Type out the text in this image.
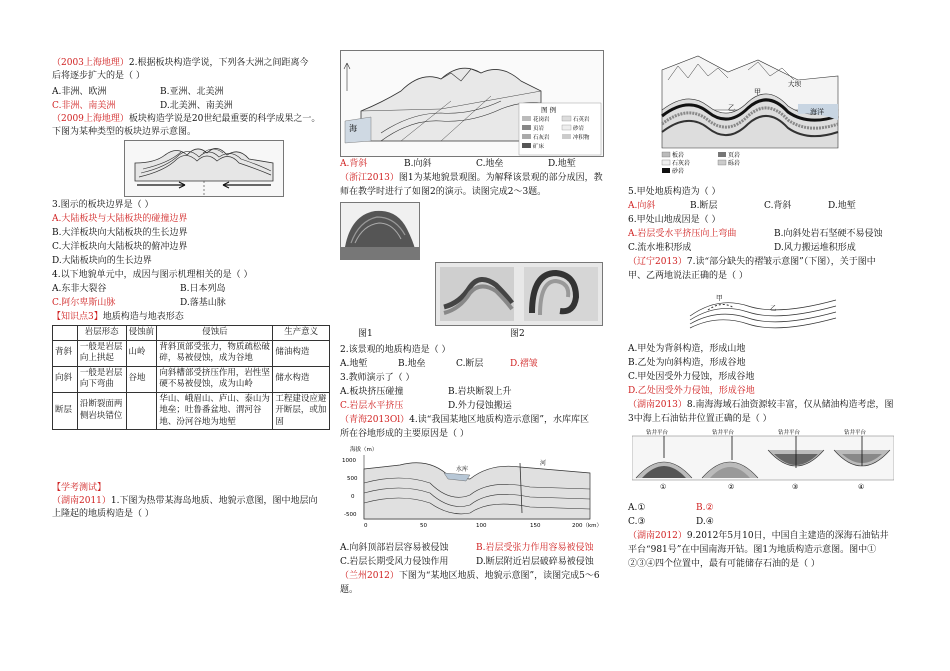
（2003上海地理）2.根据板块构造学说，下列各大洲之间距离今
后将逐步扩大的是（ ）
A.非洲、欧洲	B.亚洲、北美洲
C.非洲、南美洲	D.北美洲、南美洲
（2009上海地理）板块构造学说是20世纪最重要的科学成果之一。
下图为某种类型的板块边界示意图。
3.图示的板块边界是（ ）
A.大陆板块与大陆板块的碰撞边界
B.大洋板块向大陆板块的生长边界
C.大洋板块向大陆板块的俯冲边界
D.大陆板块向的生长边界
4.以下地貌单元中，成因与图示机理相关的是（ ）
A.东非大裂谷	B.日本列岛
C.阿尔卑斯山脉	D.落基山脉
【知识点3】地质构造与地表形态
	岩层形态	侵蚀前	侵蚀后	生产意义
背斜	一般是岩层向上拱起	山岭	背斜顶部受张力，物质疏松破碎，易被侵蚀，成为谷地	储油构造
向斜	一般是岩层向下弯曲	谷地	向斜槽部受挤压作用，岩性坚硬不易被侵蚀，成为山岭	储水构造
断层	沿断裂面两侧岩块错位		华山、峨眉山、庐山、泰山为地垒；吐鲁番盆地、渭河谷地、汾河谷地为地堑	工程建设应避开断层，或加固
【学考测试】
（湖南2011）1.下图为热带某海岛地质、地貌示意图，图中地层向
上隆起的地质构造是（ ）
海
图 例
花岗岩	石英岩
页岩	砂岩
石灰岩	冲积物
矿床
A.背斜	B.向斜	C.地垒	D.地堑
（浙江2013）图1为某地貌景观图。为解释该景观的部分成因，教
师在教学时进行了如图2的演示。读图完成2～3题。
图1	图2
2.该景观的地质构造是（ ）
A.地堑	B.地垒	C.断层	D.褶皱
3.教师演示了（ ）
A.板块挤压碰撞	B.岩块断裂上升
C.岩层水平挤压	D.外力侵蚀搬运
（青海2013Ol）4.读“我国某地区地质构造示意图”，水库库区
所在谷地形成的主要原因是（ ）
海拔（m）
1000
500
0
-500
0	50	100	150	200（km）
水库
河
A.向斜顶部岩层容易被侵蚀	B.岩层受张力作用容易被侵蚀
C.岩层长期受风力侵蚀作用	D.断层附近岩层破碎易被侵蚀
（兰州2012）下图为“某地区地质、地貌示意图”，读图完成5～6
题。
甲
乙
大坝
海洋
板岩	页岩
石灰岩	砾岩
砂岩
5.甲处地质构造为（ ）
A.向斜	B.断层	C.背斜	D.地堑
6.甲处山地成因是（ ）
A.岩层受水平挤压向上弯曲	B.向斜处岩石坚硬不易侵蚀
C.流水堆积形成	D.风力搬运堆积形成
（辽宁2013）7.读“部分缺失的褶皱示意图”（下图），关于图中
甲、乙两地说法正确的是（ ）
甲
乙
A.甲处为背斜构造，形成山地
B.乙处为向斜构造，形成谷地
C.甲处因受外力侵蚀，形成谷地
D.乙处因受外力侵蚀，形成谷地
（湖南2013）8.南海海域石油资源较丰富，仅从储油构造考虑，图
3中海上石油钻井位置正确的是（ ）
钻井平台	钻井平台	钻井平台	钻井平台
①	②	③	④
A.①	B.②
C.③	D.④
（湖南2012）9.2012年5月10日，中国自主建造的深海石油钻井
平台“981号”在中国南海开钻。图1为地质构造示意图。图中①
②③④四个位置中，最有可能储存石油的是（ ）
